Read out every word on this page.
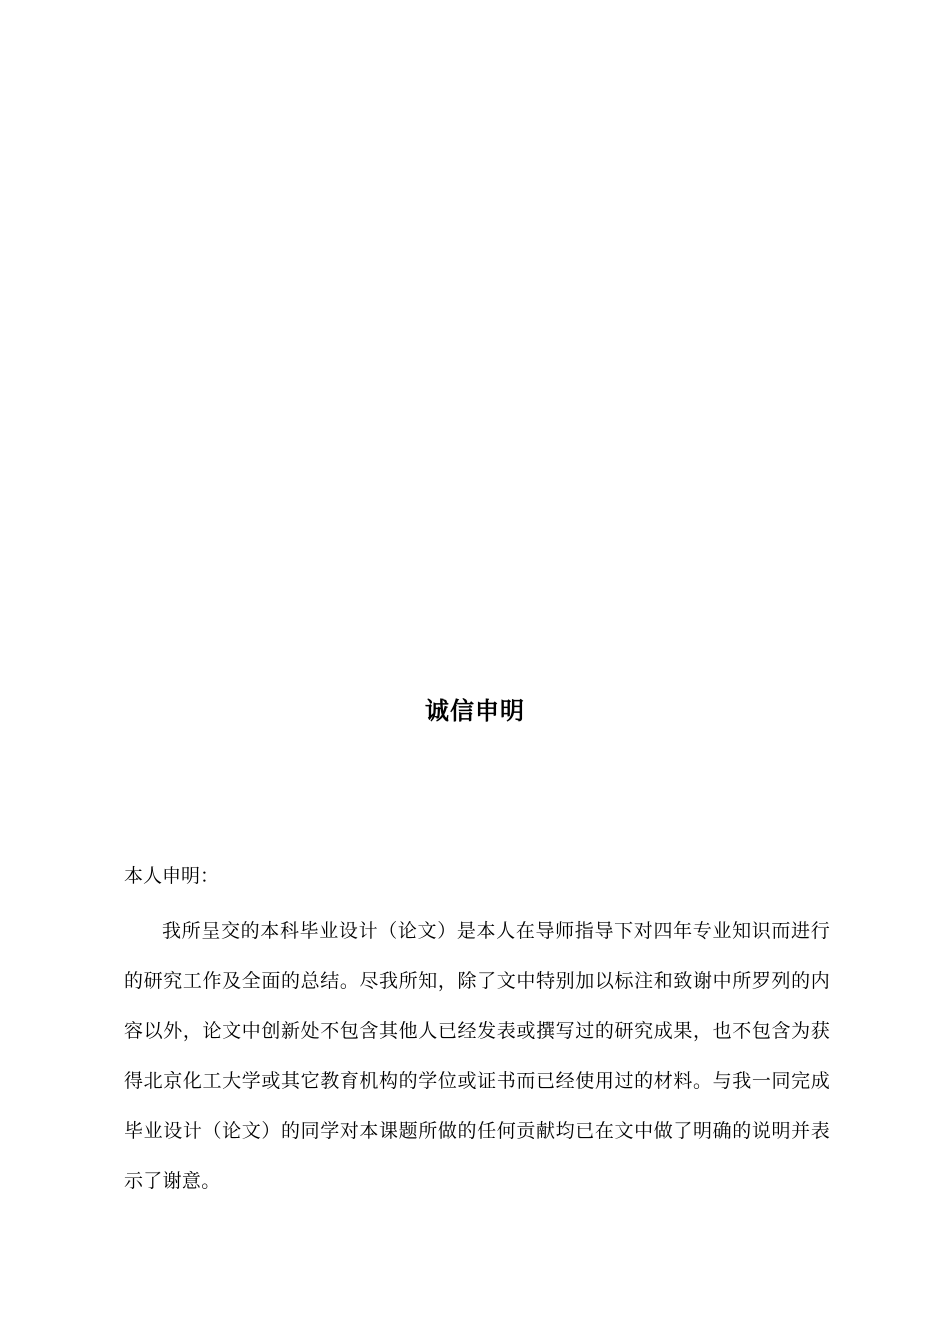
诚信申明

本人申明：

我所呈交的本科毕业设计（论文）是本人在导师指导下对四年专业知识而进行的研究工作及全面的总结。尽我所知，除了文中特别加以标注和致谢中所罗列的内容以外，论文中创新处不包含其他人已经发表或撰写过的研究成果，也不包含为获得北京化工大学或其它教育机构的学位或证书而已经使用过的材料。与我一同完成毕业设计（论文）的同学对本课题所做的任何贡献均已在文中做了明确的说明并表示了谢意。
